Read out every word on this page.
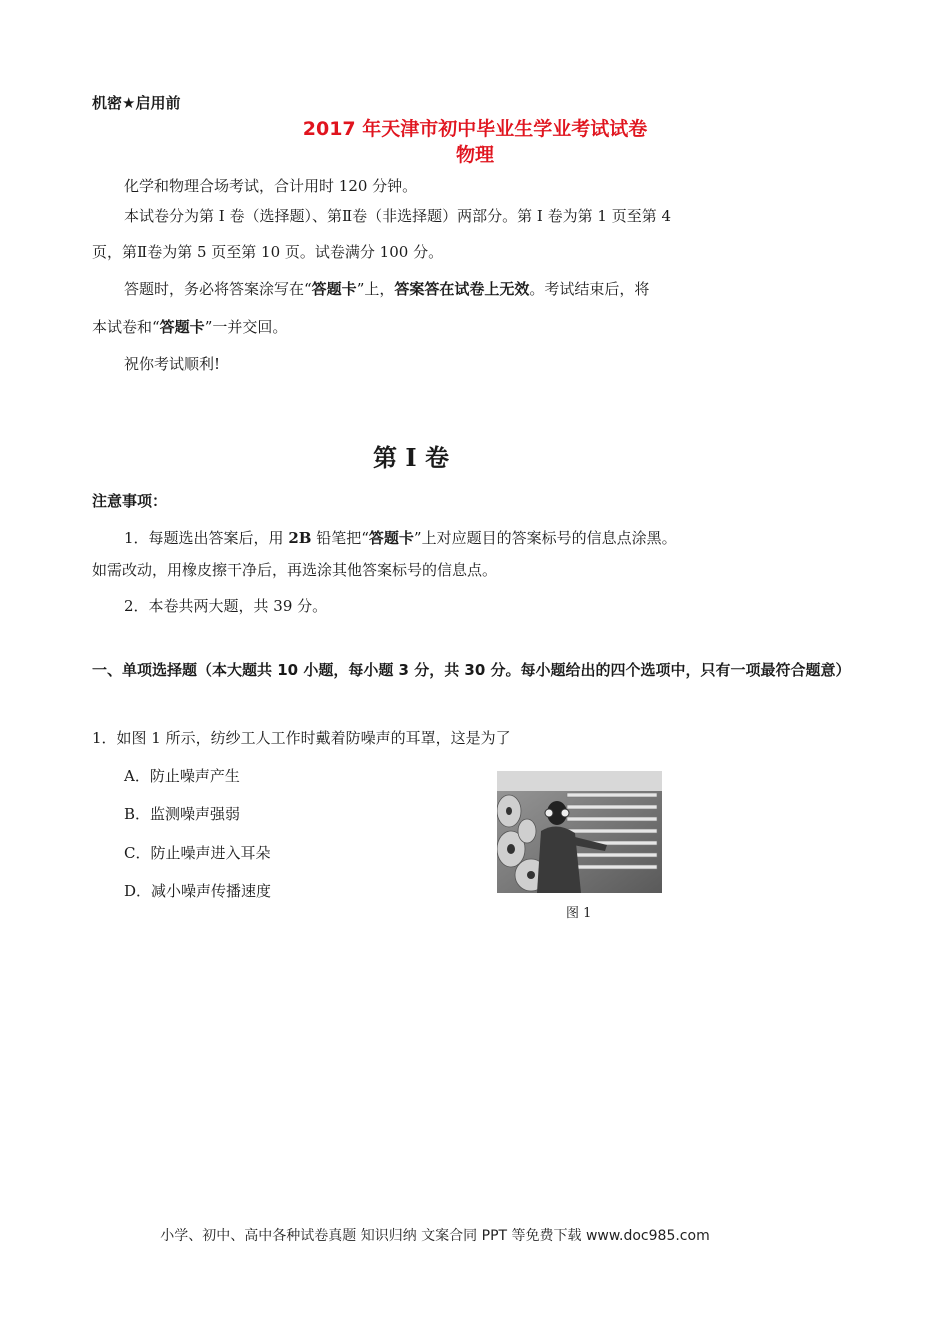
机密★启用前
2017 年天津市初中毕业生学业考试试卷
物理
化学和物理合场考试，合计用时 120 分钟。
本试卷分为第 I 卷（选择题）、第Ⅱ卷（非选择题）两部分。第 I 卷为第 1 页至第 4
页，第Ⅱ卷为第 5 页至第 10 页。试卷满分 100 分。
答题时，务必将答案涂写在“答题卡”上，答案答在试卷上无效。考试结束后，将
本试卷和“答题卡”一并交回。
祝你考试顺利!
第 I 卷
注意事项：
1．每题选出答案后，用 2B 铅笔把“答题卡”上对应题目的答案标号的信息点涂黑。
如需改动，用橡皮擦干净后，再选涂其他答案标号的信息点。
2．本卷共两大题，共 39 分。
一、单项选择题（本大题共 10 小题，每小题 3 分，共 30 分。每小题给出的四个选项中，只有一项最符合题意）
1．如图 1 所示，纺纱工人工作时戴着防噪声的耳罩，这是为了
A．防止噪声产生
B．监测噪声强弱
C．防止噪声进入耳朵
D．减小噪声传播速度
图 1
小学、初中、高中各种试卷真题 知识归纳 文案合同 PPT 等免费下载 www.doc985.com
